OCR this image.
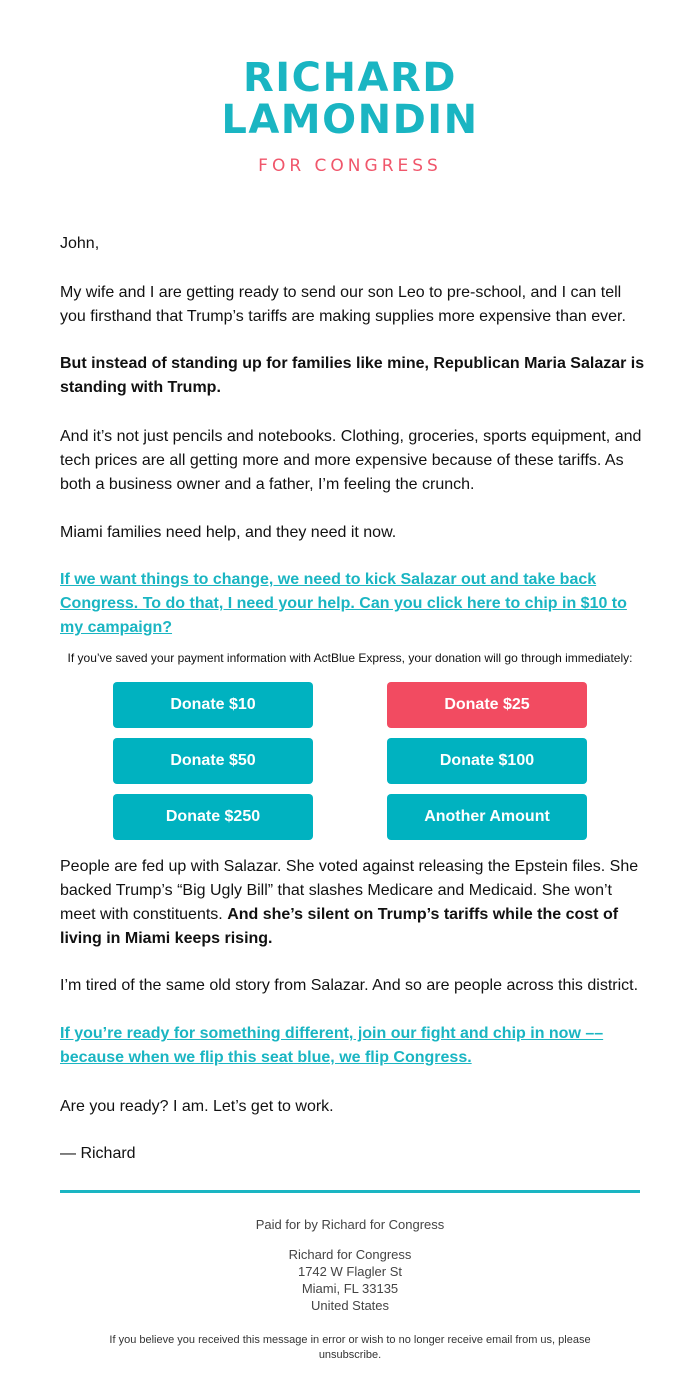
RICHARD
LAMONDIN
FOR CONGRESS

John,

My wife and I are getting ready to send our son Leo to pre-school, and I can tell you firsthand that Trump’s tariffs are making supplies more expensive than ever.

But instead of standing up for families like mine, Republican Maria Salazar is standing with Trump.

And it’s not just pencils and notebooks. Clothing, groceries, sports equipment, and tech prices are all getting more and more expensive because of these tariffs. As both a business owner and a father, I’m feeling the crunch.

Miami families need help, and they need it now.

If we want things to change, we need to kick Salazar out and take back Congress. To do that, I need your help. Can you click here to chip in $10 to my campaign?

If you’ve saved your payment information with ActBlue Express, your donation will go through immediately:
Donate $10	Donate $25
Donate $50	Donate $100
Donate $250	Another Amount

People are fed up with Salazar. She voted against releasing the Epstein files. She backed Trump’s “Big Ugly Bill” that slashes Medicare and Medicaid. She won’t meet with constituents. And she’s silent on Trump’s tariffs while the cost of living in Miami keeps rising.

I’m tired of the same old story from Salazar. And so are people across this district.

If you’re ready for something different, join our fight and chip in now –– because when we flip this seat blue, we flip Congress.

Are you ready? I am. Let’s get to work.

— Richard

Paid for by Richard for Congress
Richard for Congress
1742 W Flagler St
Miami, FL 33135
United States
If you believe you received this message in error or wish to no longer receive email from us, please unsubscribe.
